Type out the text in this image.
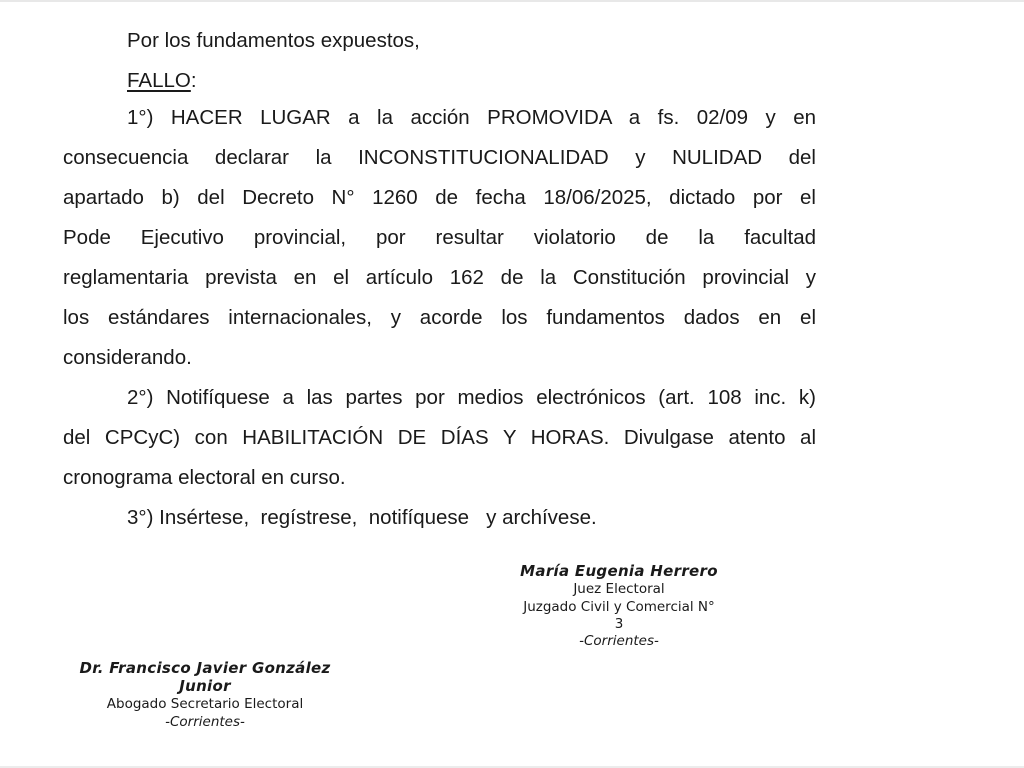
Por los fundamentos expuestos,
FALLO:
1°) HACER LUGAR a la acción PROMOVIDA a fs. 02/09 y en
consecuencia declarar la INCONSTITUCIONALIDAD y NULIDAD del
apartado b) del Decreto N° 1260 de fecha 18/06/2025, dictado por el
Pode Ejecutivo provincial, por resultar violatorio de la facultad
reglamentaria prevista en el artículo 162 de la Constitución provincial y
los estándares internacionales, y acorde los fundamentos dados en el
considerando.
2°) Notifíquese a las partes por medios electrónicos (art. 108 inc. k)
del CPCyC) con HABILITACIÓN DE DÍAS Y HORAS. Divulgase atento al
cronograma electoral en curso.
3°) Insértese,  regístrese,  notifíquese   y archívese.
María Eugenia Herrero
Juez Electoral
Juzgado Civil y Comercial N°
3
-Corrientes-
Dr. Francisco Javier González
Junior
Abogado Secretario Electoral
-Corrientes-
